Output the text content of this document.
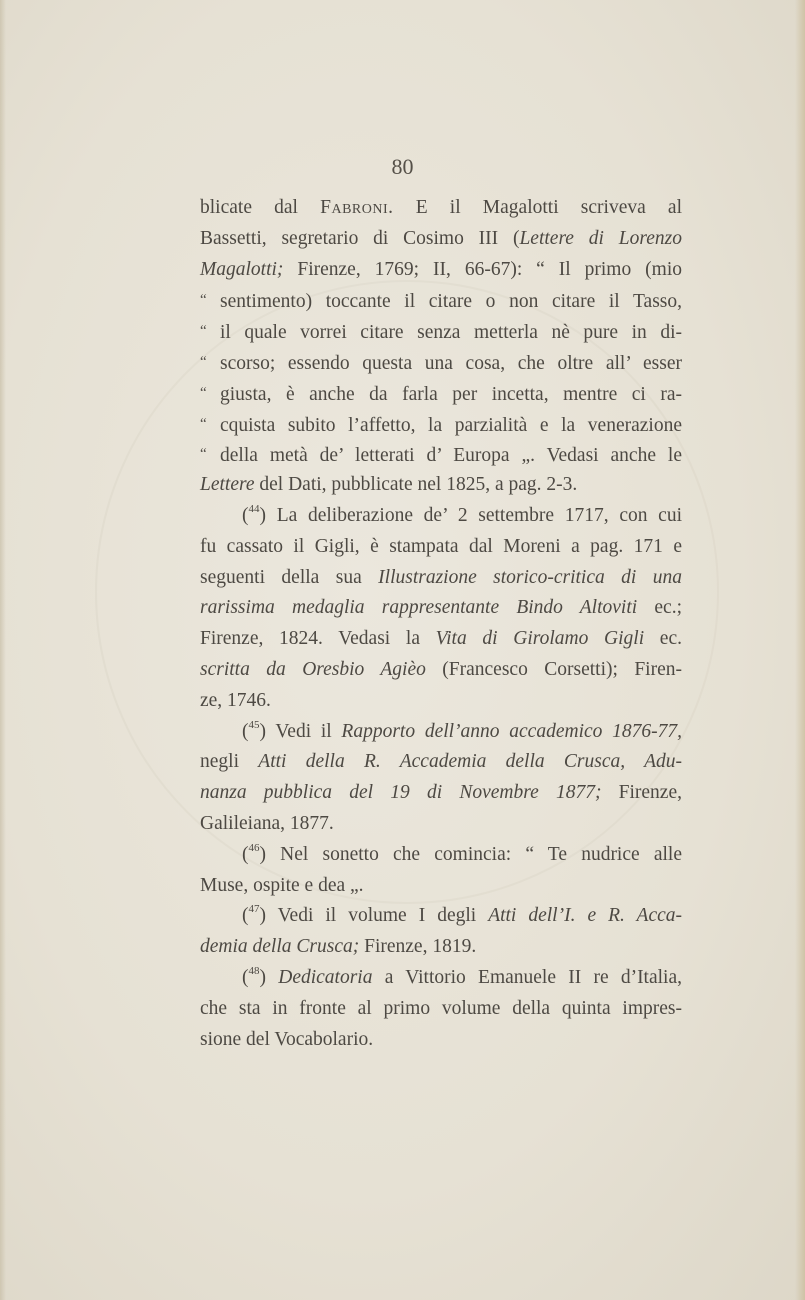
80
blicate dal Fabroni. E il Magalotti scriveva al
Bassetti, segretario di Cosimo III (Lettere di Lorenzo
Magalotti; Firenze, 1769; II, 66-67): “ Il primo (mio
“ sentimento) toccante il citare o non citare il Tasso,
“ il quale vorrei citare senza metterla nè pure in di-
“ scorso; essendo questa una cosa, che oltre all’ esser
“ giusta, è anche da farla per incetta, mentre ci ra-
“ cquista subito l’affetto, la parzialità e la venerazione
“ della metà de’ letterati d’ Europa „. Vedasi anche le
Lettere del Dati, pubblicate nel 1825, a pag. 2-3.
($^{44}$) La deliberazione de’ 2 settembre 1717, con cui
fu cassato il Gigli, è stampata dal Moreni a pag. 171 e
seguenti della sua Illustrazione storico-critica di una
rarissima medaglia rappresentante Bindo Altoviti ec.;
Firenze, 1824. Vedasi la Vita di Girolamo Gigli ec.
scritta da Oresbio Agièo (Francesco Corsetti); Firen-
ze, 1746.
($^{45}$) Vedi il Rapporto dell’anno accademico 1876-77,
negli Atti della R. Accademia della Crusca, Adu-
nanza pubblica del 19 di Novembre 1877; Firenze,
Galileiana, 1877.
($^{46}$) Nel sonetto che comincia: “ Te nudrice alle
Muse, ospite e dea „.
($^{47}$) Vedi il volume I degli Atti dell’I. e R. Acca-
demia della Crusca; Firenze, 1819.
($^{48}$) Dedicatoria a Vittorio Emanuele II re d’Italia,
che sta in fronte al primo volume della quinta impres-
sione del Vocabolario.
